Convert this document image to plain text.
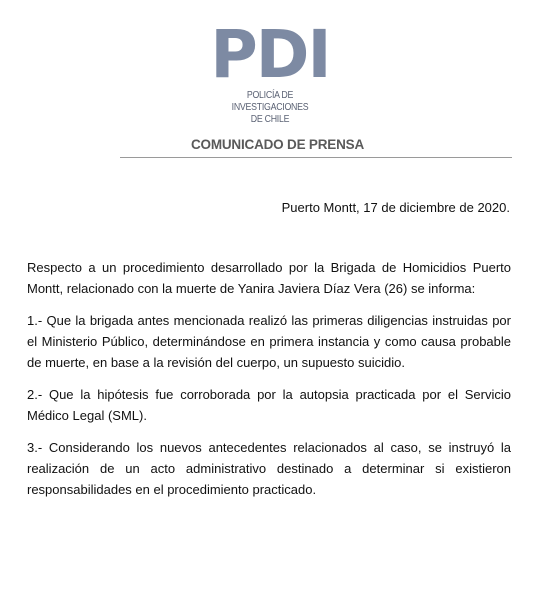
PDI
POLICÍA DE INVESTIGACIONES
DE CHILE
COMUNICADO DE PRENSA
Puerto Montt, 17 de diciembre de 2020.

Respecto a un procedimiento desarrollado por la Brigada de Homicidios Puerto Montt, relacionado con la muerte de Yanira Javiera Díaz Vera (26) se informa:

1.- Que la brigada antes mencionada realizó las primeras diligencias instruidas por el Ministerio Público, determinándose en primera instancia y como causa probable de muerte, en base a la revisión del cuerpo, un supuesto suicidio.

2.- Que la hipótesis fue corroborada por la autopsia practicada por el Servicio Médico Legal (SML).

3.- Considerando los nuevos antecedentes relacionados al caso, se instruyó la realización de un acto administrativo destinado a determinar si existieron responsabilidades en el procedimiento practicado.
